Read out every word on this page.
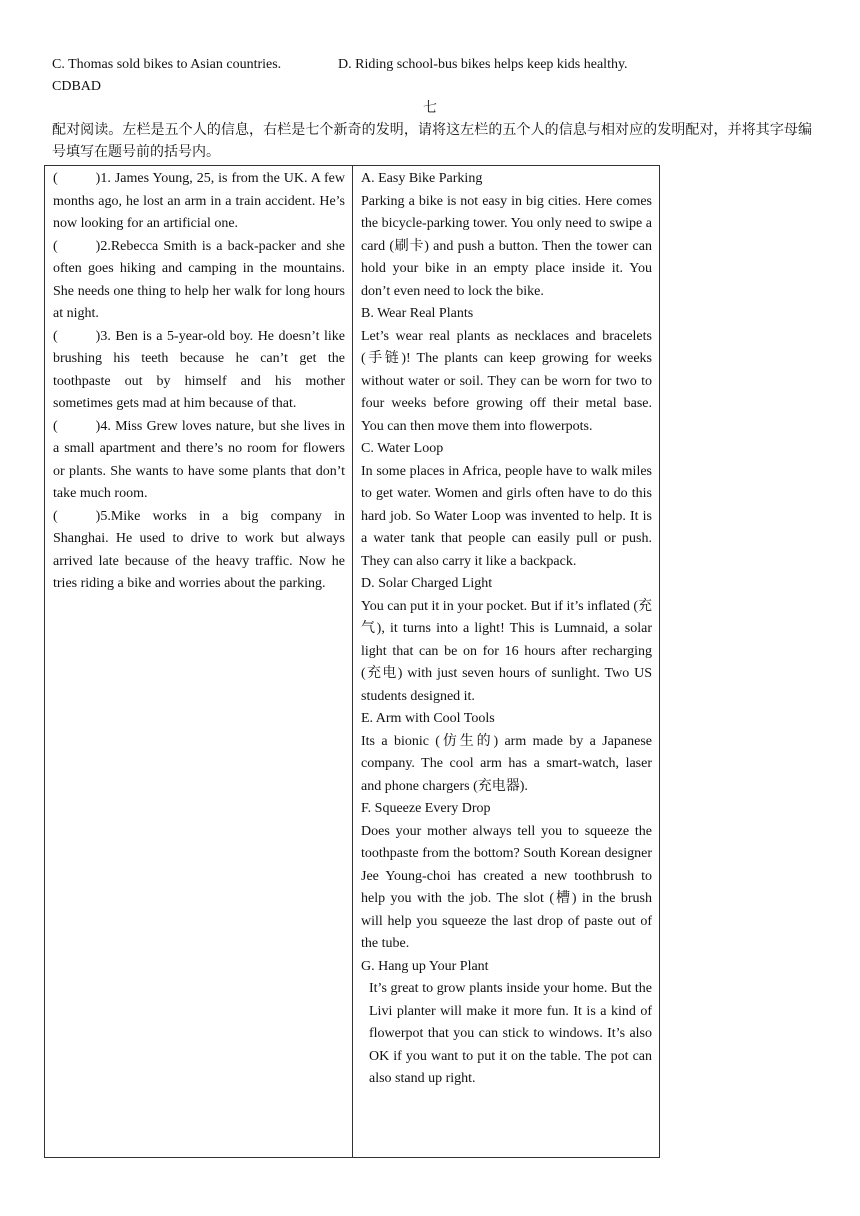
C. Thomas sold bikes to Asian countries.	D. Riding school-bus bikes helps keep kids healthy.
CDBAD
七
配对阅读。左栏是五个人的信息，右栏是七个新奇的发明，请将这左栏的五个人的信息与相对应的发明配对，并将其字母编号填写在题号前的括号内。

(	)1. James Young, 25, is from the UK. A few months ago, he lost an arm in a train accident. He’s now looking for an artificial one.

(	)2.Rebecca Smith is a back-packer and she often goes hiking and camping in the mountains. She needs one thing to help her walk for long hours at night.

(	)3. Ben is a 5-year-old boy. He doesn’t like brushing his teeth because he can’t get the toothpaste out by himself and his mother sometimes gets mad at him because of that.

(	)4. Miss Grew loves nature, but she lives in a small apartment and there’s no room for flowers or plants. She wants to have some plants that don’t take much room.

(	)5.Mike works in a big company in Shanghai. He used to drive to work but always arrived late because of the heavy traffic. Now he tries riding a bike and worries about the parking.

A. Easy Bike Parking

Parking a bike is not easy in big cities. Here comes the bicycle-parking tower. You only need to swipe a card (刷卡) and push a button. Then the tower can hold your bike in an empty place inside it. You don’t even need to lock the bike.

B. Wear Real Plants

Let’s wear real plants as necklaces and bracelets (手链)! The plants can keep growing for weeks without water or soil. They can be worn for two to four weeks before growing off their metal base. You can then move them into flowerpots.

C. Water Loop

In some places in Africa, people have to walk miles to get water. Women and girls often have to do this hard job. So Water Loop was invented to help. It is a water tank that people can easily pull or push. They can also carry it like a backpack.

D. Solar Charged Light

You can put it in your pocket. But if it’s inflated (充气), it turns into a light! This is Lumnaid, a solar light that can be on for 16 hours after recharging (充电) with just seven hours of sunlight. Two US students designed it.

E. Arm with Cool Tools

Its a bionic (仿生的) arm made by a Japanese company. The cool arm has a smart-watch, laser and phone chargers (充电器).

F. Squeeze Every Drop

Does your mother always tell you to squeeze the toothpaste from the bottom? South Korean designer Jee Young-choi has created a new toothbrush to help you with the job. The slot (槽) in the brush will help you squeeze the last drop of paste out of the tube.

G. Hang up Your Plant

It’s great to grow plants inside your home. But the Livi planter will make it more fun. It is a kind of flowerpot that you can stick to windows. It’s also OK if you want to put it on the table. The pot can also stand up right.
